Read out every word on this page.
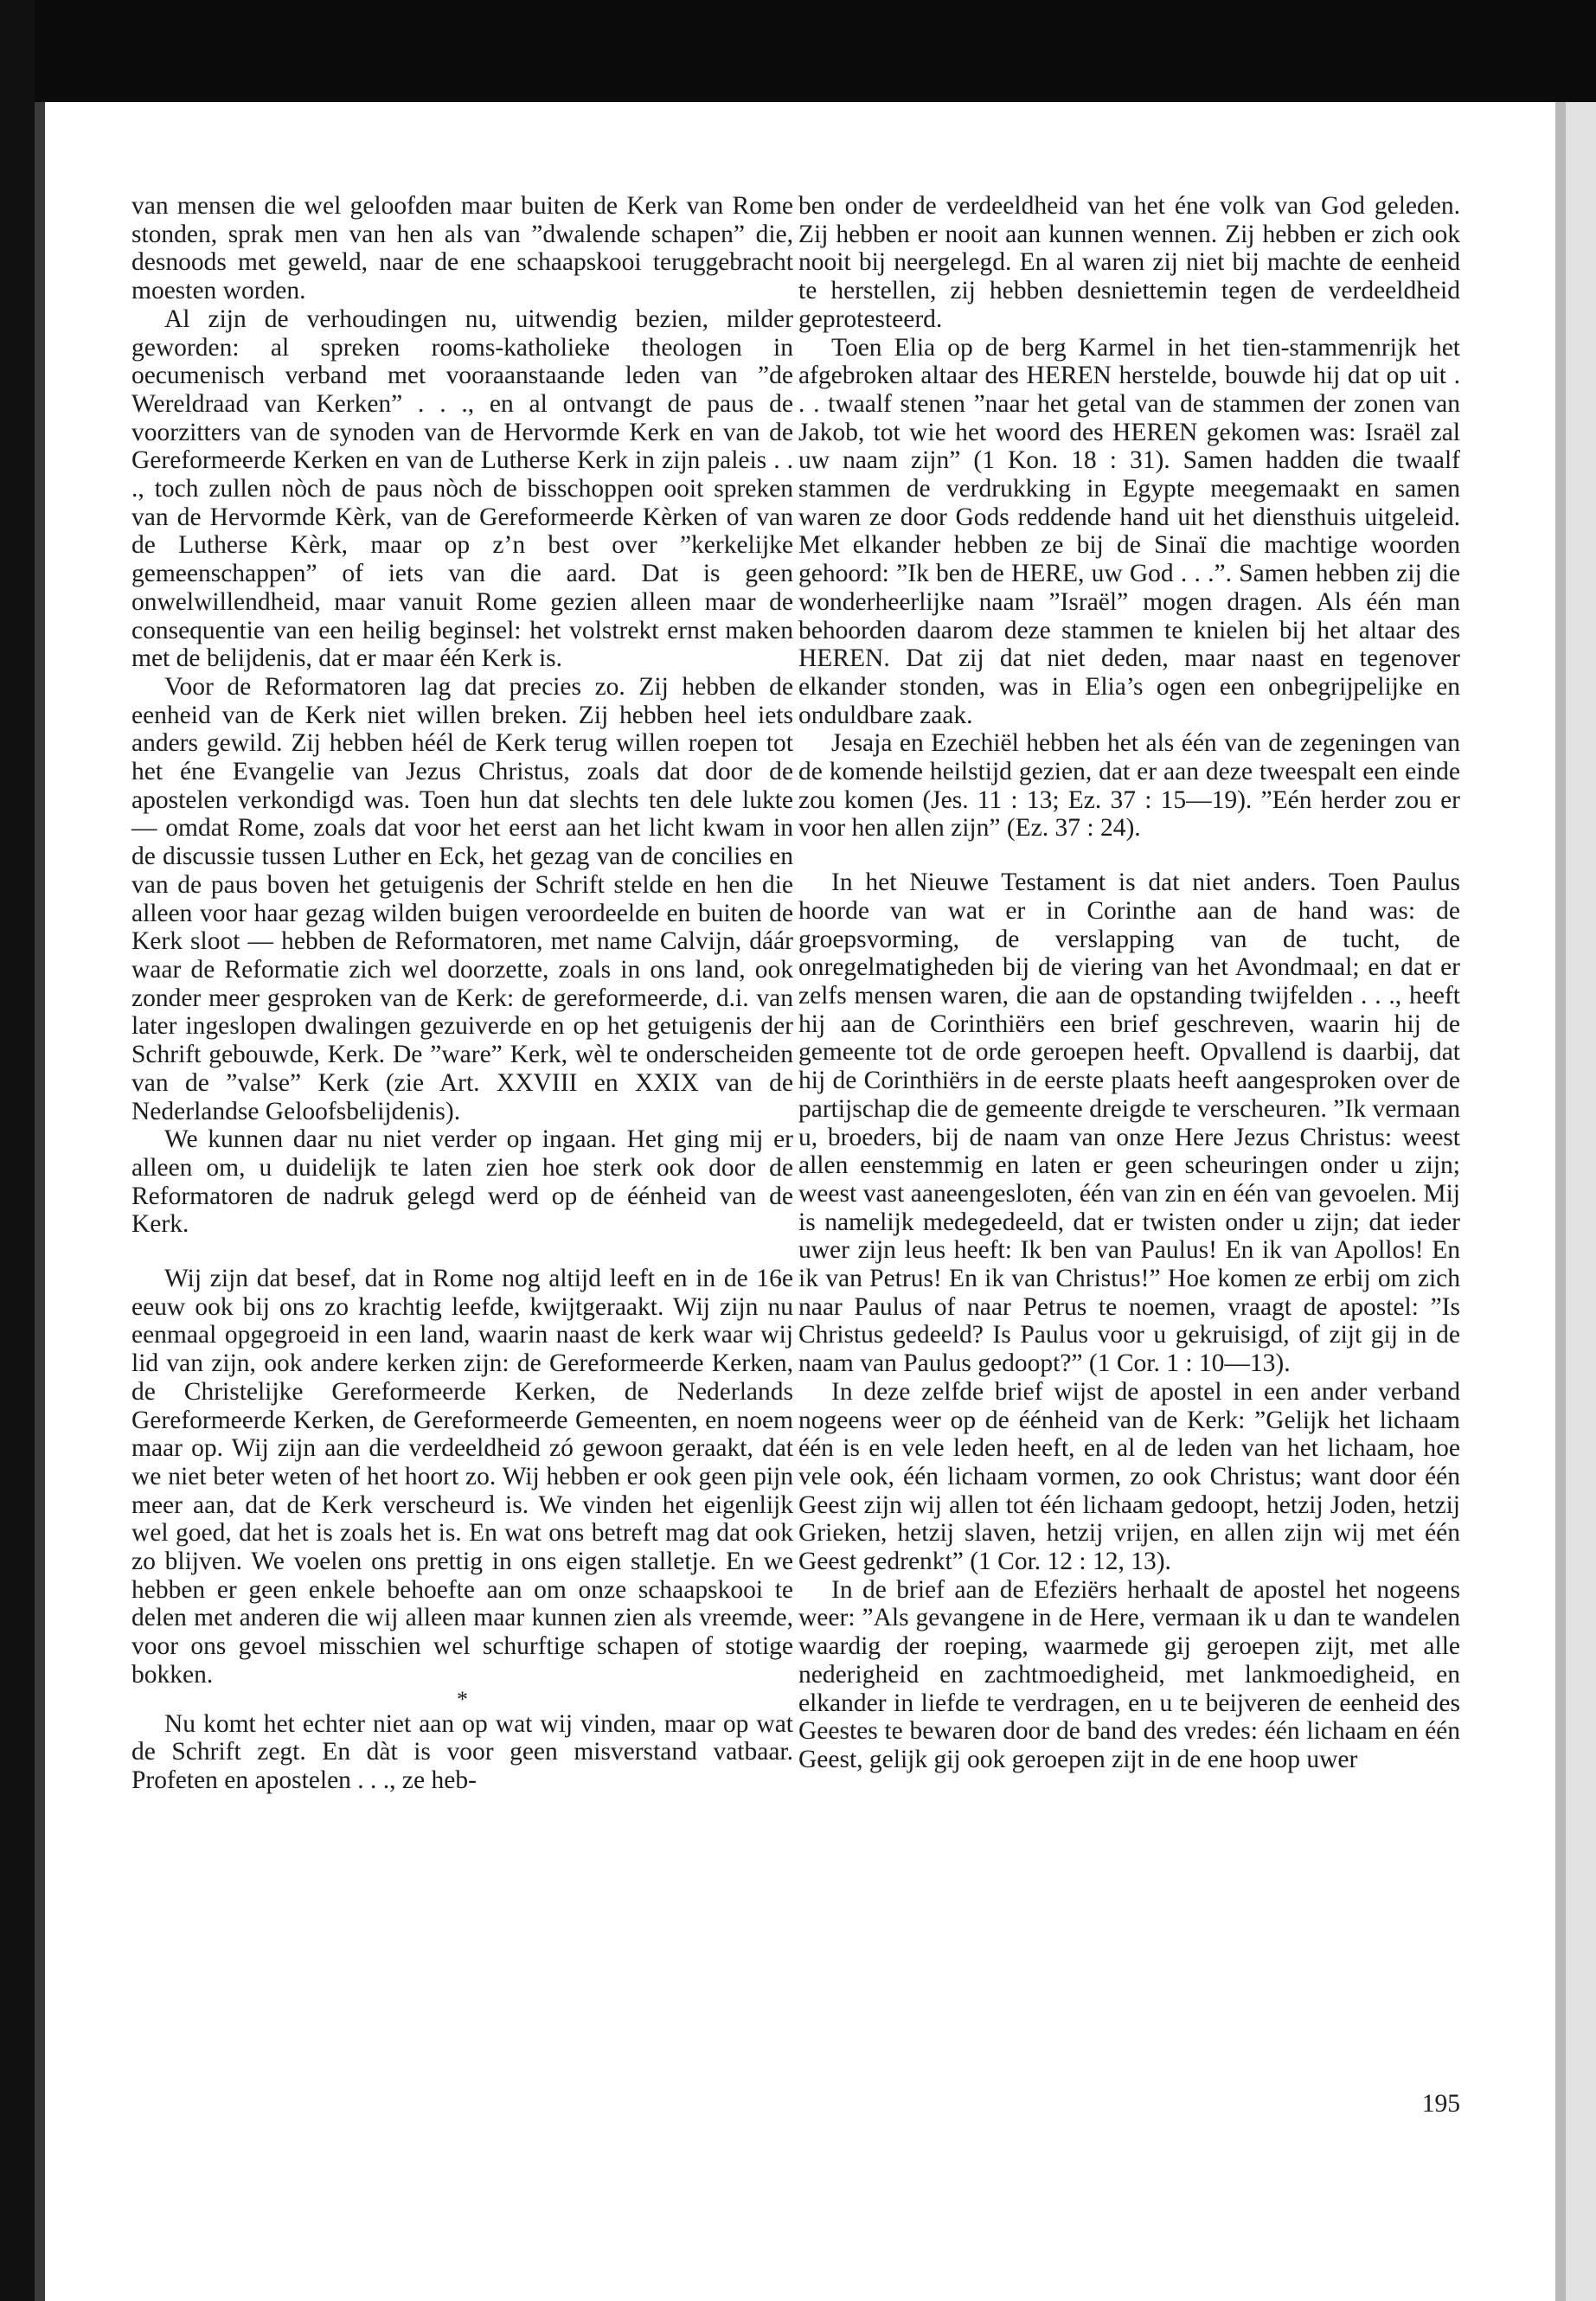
van mensen die wel geloofden maar buiten de Kerk van Rome stonden, sprak men van hen als van ”dwalende schapen” die, desnoods met geweld, naar de ene schaapskooi teruggebracht moesten worden.

Al zijn de verhoudingen nu, uitwendig bezien, milder geworden: al spreken rooms-katholieke theologen in oecumenisch verband met vooraanstaande leden van ”de Wereldraad van Kerken” . . ., en al ontvangt de paus de voorzitters van de synoden van de Hervormde Kerk en van de Gereformeerde Kerken en van de Lutherse Kerk in zijn paleis . . ., toch zullen nòch de paus nòch de bisschoppen ooit spreken van de Hervormde Kèrk, van de Gereformeerde Kèrken of van de Lutherse Kèrk, maar op z’n best over ”kerkelijke gemeenschappen” of iets van die aard. Dat is geen onwelwillendheid, maar vanuit Rome gezien alleen maar de consequentie van een heilig beginsel: het volstrekt ernst maken met de belijdenis, dat er maar één Kerk is.

Voor de Reformatoren lag dat precies zo. Zij hebben de eenheid van de Kerk niet willen breken. Zij hebben heel iets anders gewild. Zij hebben héél de Kerk terug willen roepen tot het éne Evangelie van Jezus Christus, zoals dat door de apostelen verkondigd was. Toen hun dat slechts ten dele lukte — omdat Rome, zoals dat voor het eerst aan het licht kwam in de discussie tussen Luther en Eck, het gezag van de concilies en van de paus boven het getuigenis der Schrift stelde en hen die alleen voor haar gezag wilden buigen veroordeelde en buiten de Kerk sloot — hebben de Reformatoren, met name Calvijn, dáár waar de Reformatie zich wel doorzette, zoals in ons land, ook zonder meer gesproken van de Kerk: de gereformeerde, d.i. van later ingeslopen dwalingen gezuiverde en op het getuigenis der Schrift gebouwde, Kerk. De ”ware” Kerk, wèl te onderscheiden van de ”valse” Kerk (zie Art. XXVIII en XXIX van de Nederlandse Geloofsbelijdenis).

We kunnen daar nu niet verder op ingaan. Het ging mij er alleen om, u duidelijk te laten zien hoe sterk ook door de Reformatoren de nadruk gelegd werd op de éénheid van de Kerk.

Wij zijn dat besef, dat in Rome nog altijd leeft en in de 16e eeuw ook bij ons zo krachtig leefde, kwijtgeraakt. Wij zijn nu eenmaal opgegroeid in een land, waarin naast de kerk waar wij lid van zijn, ook andere kerken zijn: de Gereformeerde Kerken, de Christelijke Gereformeerde Kerken, de Nederlands Gereformeerde Kerken, de Gereformeerde Gemeenten, en noem maar op. Wij zijn aan die verdeeldheid zó gewoon geraakt, dat we niet beter weten of het hoort zo. Wij hebben er ook geen pijn meer aan, dat de Kerk verscheurd is. We vinden het eigenlijk wel goed, dat het is zoals het is. En wat ons betreft mag dat ook zo blijven. We voelen ons prettig in ons eigen stalletje. En we hebben er geen enkele behoefte aan om onze schaapskooi te delen met anderen die wij alleen maar kunnen zien als vreemde, voor ons gevoel misschien wel schurftige schapen of stotige bokken.

*

Nu komt het echter niet aan op wat wij vinden, maar op wat de Schrift zegt. En dàt is voor geen misverstand vatbaar. Profeten en apostelen . . ., ze heb-

ben onder de verdeeldheid van het éne volk van God geleden. Zij hebben er nooit aan kunnen wennen. Zij hebben er zich ook nooit bij neergelegd. En al waren zij niet bij machte de eenheid te herstellen, zij hebben desniettemin tegen de verdeeldheid geprotesteerd.

Toen Elia op de berg Karmel in het tien-stammenrijk het afgebroken altaar des HEREN herstelde, bouwde hij dat op uit . . . twaalf stenen ”naar het getal van de stammen der zonen van Jakob, tot wie het woord des HEREN gekomen was: Israël zal uw naam zijn” (1 Kon. 18 : 31). Samen hadden die twaalf stammen de verdrukking in Egypte meegemaakt en samen waren ze door Gods reddende hand uit het diensthuis uitgeleid. Met elkander hebben ze bij de Sinaï die machtige woorden gehoord: ”Ik ben de HERE, uw God . . .”. Samen hebben zij die wonderheerlijke naam ”Israël” mogen dragen. Als één man behoorden daarom deze stammen te knielen bij het altaar des HEREN. Dat zij dat niet deden, maar naast en tegenover elkander stonden, was in Elia’s ogen een onbegrijpelijke en onduldbare zaak.

Jesaja en Ezechiël hebben het als één van de zegeningen van de komende heilstijd gezien, dat er aan deze tweespalt een einde zou komen (Jes. 11 : 13; Ez. 37 : 15—19). ”Eén herder zou er voor hen allen zijn” (Ez. 37 : 24).

In het Nieuwe Testament is dat niet anders. Toen Paulus hoorde van wat er in Corinthe aan de hand was: de groepsvorming, de verslapping van de tucht, de onregelmatigheden bij de viering van het Avondmaal; en dat er zelfs mensen waren, die aan de opstanding twijfelden . . ., heeft hij aan de Corinthiërs een brief geschreven, waarin hij de gemeente tot de orde geroepen heeft. Opvallend is daarbij, dat hij de Corinthiërs in de eerste plaats heeft aangesproken over de partijschap die de gemeente dreigde te verscheuren. ”Ik vermaan u, broeders, bij de naam van onze Here Jezus Christus: weest allen eenstemmig en laten er geen scheuringen onder u zijn; weest vast aaneengesloten, één van zin en één van gevoelen. Mij is namelijk medegedeeld, dat er twisten onder u zijn; dat ieder uwer zijn leus heeft: Ik ben van Paulus! En ik van Apollos! En ik van Petrus! En ik van Christus!” Hoe komen ze erbij om zich naar Paulus of naar Petrus te noemen, vraagt de apostel: ”Is Christus gedeeld? Is Paulus voor u gekruisigd, of zijt gij in de naam van Paulus gedoopt?” (1 Cor. 1 : 10—13).

In deze zelfde brief wijst de apostel in een ander verband nogeens weer op de éénheid van de Kerk: ”Gelijk het lichaam één is en vele leden heeft, en al de leden van het lichaam, hoe vele ook, één lichaam vormen, zo ook Christus; want door één Geest zijn wij allen tot één lichaam gedoopt, hetzij Joden, hetzij Grieken, hetzij slaven, hetzij vrijen, en allen zijn wij met één Geest gedrenkt” (1 Cor. 12 : 12, 13).

In de brief aan de Efeziërs herhaalt de apostel het nogeens weer: ”Als gevangene in de Here, vermaan ik u dan te wandelen waardig der roeping, waarmede gij geroepen zijt, met alle nederigheid en zachtmoedigheid, met lankmoedigheid, en elkander in liefde te verdragen, en u te beijveren de eenheid des Geestes te bewaren door de band des vredes: één lichaam en één Geest, gelijk gij ook geroepen zijt in de ene hoop uwer

195
